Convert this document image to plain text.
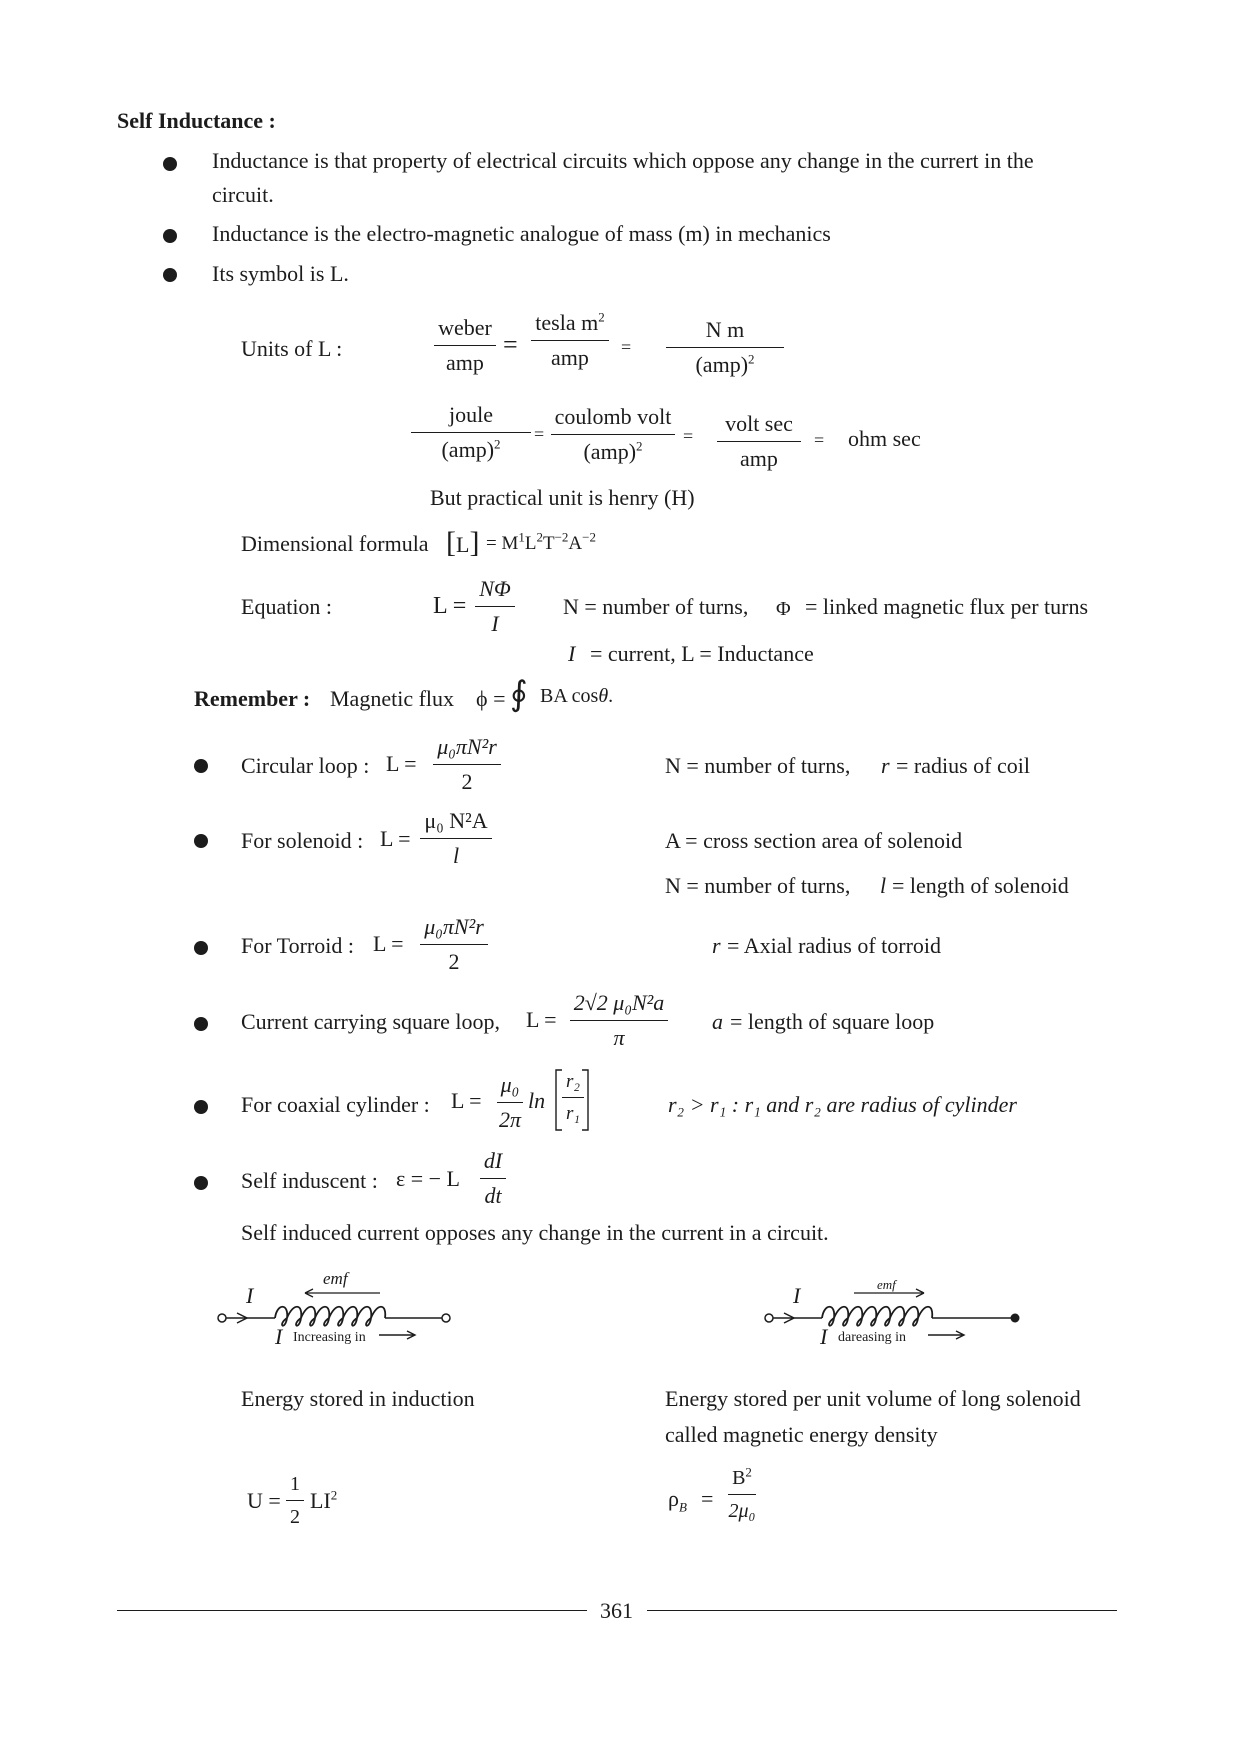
Self Inductance :
Inductance is that property of electrical circuits which oppose any change in the currert in the
circuit.
Inductance is the electro-magnetic analogue of mass (m) in mechanics
Its symbol is L.
Units of L :
weber
amp
=
tesla $m^2$
amp =
N m
(amp)$^2$
joule
(amp)$^2$
=
coulomb volt
(amp)$^2$
=	volt sec
amp
= ohm sec
But practical unit is henry (H)
Dimensional formula $[L] = M^1L^2T^{-2}A^{-2}$
Equation :	$L = \frac{N\Phi}{I}$ N = number of turns, Φ = linked magnetic flux per turns
I = current, L = Inductance
Remember : Magnetic flux ϕ = ∮ BA cosθ.
Circular loop : $L = \frac{\text{μ₀πN²r}}{2}$	N = number of turns, r = radius of coil
For solenoid : $L = \frac{\text{μ₀ N²A}}{l}$	A = cross section area of solenoid
N = number of turns, l = length of solenoid
For Torroid : $L = \frac{\text{μ₀πN²r}}{2}$	r = Axial radius of torroid
Current carrying square loop, $L = \frac{\text{2√2 μ₀N²a}}{\pi}$ a = length of square loop
For coaxial cylinder : $L = \frac{\text{μ₀}}{2\pi}$ $\ln \frac{\text{r₂}}{\text{r₁}}$	r₂ > r₁ : r₁ and r₂ are radius of cylinder
Self induscent : ε = − L $\frac{dI}{dt}$
Self induced current opposes any change in the current in a circuit.
I
emf
I Increasing in
I	emf
I dareasing in
Energy stored in induction
$U = \frac{1}{2} LI^2$
Energy stored per unit volume of long solenoid
called magnetic energy density
$\rho_B = \frac{B^2}{\text{2μ₀}}$
361
